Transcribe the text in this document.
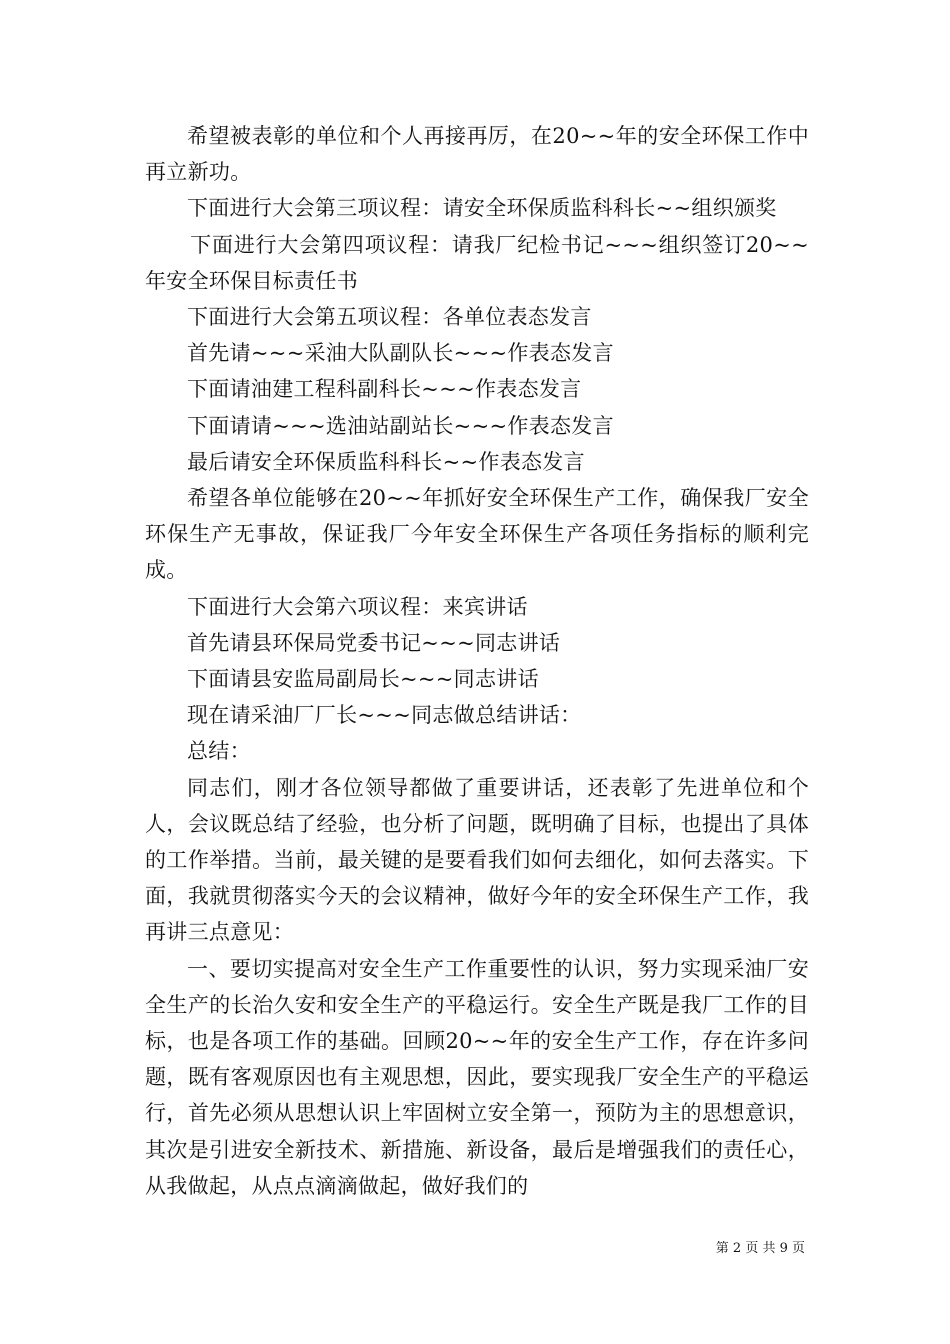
希望被表彰的单位和个人再接再厉，在20~~年的安全环保工作中再立新功。

下面进行大会第三项议程：请安全环保质监科科长~~组织颁奖

下面进行大会第四项议程：请我厂纪检书记~~~组织签订20~~年安全环保目标责任书

下面进行大会第五项议程：各单位表态发言

首先请~~~采油大队副队长~~~作表态发言

下面请油建工程科副科长~~~作表态发言

下面请请~~~选油站副站长~~~作表态发言

最后请安全环保质监科科长~~作表态发言

希望各单位能够在20~~年抓好安全环保生产工作，确保我厂安全环保生产无事故，保证我厂今年安全环保生产各项任务指标的顺利完成。

下面进行大会第六项议程：来宾讲话

首先请县环保局党委书记~~~同志讲话

下面请县安监局副局长~~~同志讲话

现在请采油厂厂长~~~同志做总结讲话：

总结：

同志们，刚才各位领导都做了重要讲话，还表彰了先进单位和个人，会议既总结了经验，也分析了问题，既明确了目标，也提出了具体的工作举措。当前，最关键的是要看我们如何去细化，如何去落实。下面，我就贯彻落实今天的会议精神，做好今年的安全环保生产工作，我再讲三点意见：

一、要切实提高对安全生产工作重要性的认识，努力实现采油厂安全生产的长治久安和安全生产的平稳运行。安全生产既是我厂工作的目标，也是各项工作的基础。回顾20~~年的安全生产工作，存在许多问题，既有客观原因也有主观思想，因此，要实现我厂安全生产的平稳运行，首先必须从思想认识上牢固树立安全第一，预防为主的思想意识，其次是引进安全新技术、新措施、新设备，最后是增强我们的责任心，从我做起，从点点滴滴做起，做好我们的

第 2 页 共 9 页
